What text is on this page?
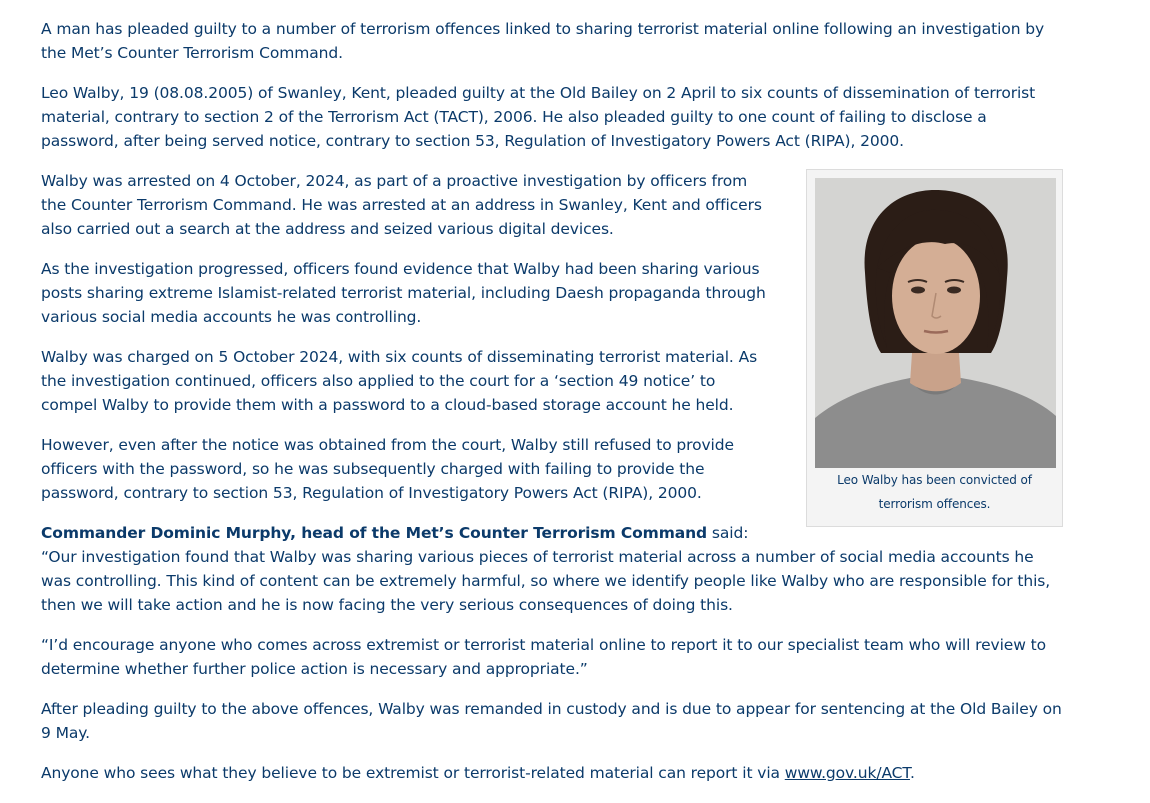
A man has pleaded guilty to a number of terrorism offences linked to sharing terrorist material online following an investigation by the Met’s Counter Terrorism Command.

Leo Walby, 19 (08.08.2005) of Swanley, Kent, pleaded guilty at the Old Bailey on 2 April to six counts of dissemination of terrorist material, contrary to section 2 of the Terrorism Act (TACT), 2006. He also pleaded guilty to one count of failing to disclose a password, after being served notice, contrary to section 53, Regulation of Investigatory Powers Act (RIPA), 2000.

Leo Walby has been convicted of terrorism offences.

Walby was arrested on 4 October, 2024, as part of a proactive investigation by officers from the Counter Terrorism Command. He was arrested at an address in Swanley, Kent and officers also carried out a search at the address and seized various digital devices.

As the investigation progressed, officers found evidence that Walby had been sharing various posts sharing extreme Islamist-related terrorist material, including Daesh propaganda through various social media accounts he was controlling.

Walby was charged on 5 October 2024, with six counts of disseminating terrorist material. As the investigation continued, officers also applied to the court for a ‘section 49 notice’ to compel Walby to provide them with a password to a cloud-based storage account he held.

However, even after the notice was obtained from the court, Walby still refused to provide officers with the password, so he was subsequently charged with failing to provide the password, contrary to section 53, Regulation of Investigatory Powers Act (RIPA), 2000.

Commander Dominic Murphy, head of the Met’s Counter Terrorism Command said: “Our investigation found that Walby was sharing various pieces of terrorist material across a number of social media accounts he was controlling. This kind of content can be extremely harmful, so where we identify people like Walby who are responsible for this, then we will take action and he is now facing the very serious consequences of doing this.

“I’d encourage anyone who comes across extremist or terrorist material online to report it to our specialist team who will review to determine whether further police action is necessary and appropriate.”

After pleading guilty to the above offences, Walby was remanded in custody and is due to appear for sentencing at the Old Bailey on 9 May.

Anyone who sees what they believe to be extremist or terrorist-related material can report it via www.gov.uk/ACT.
